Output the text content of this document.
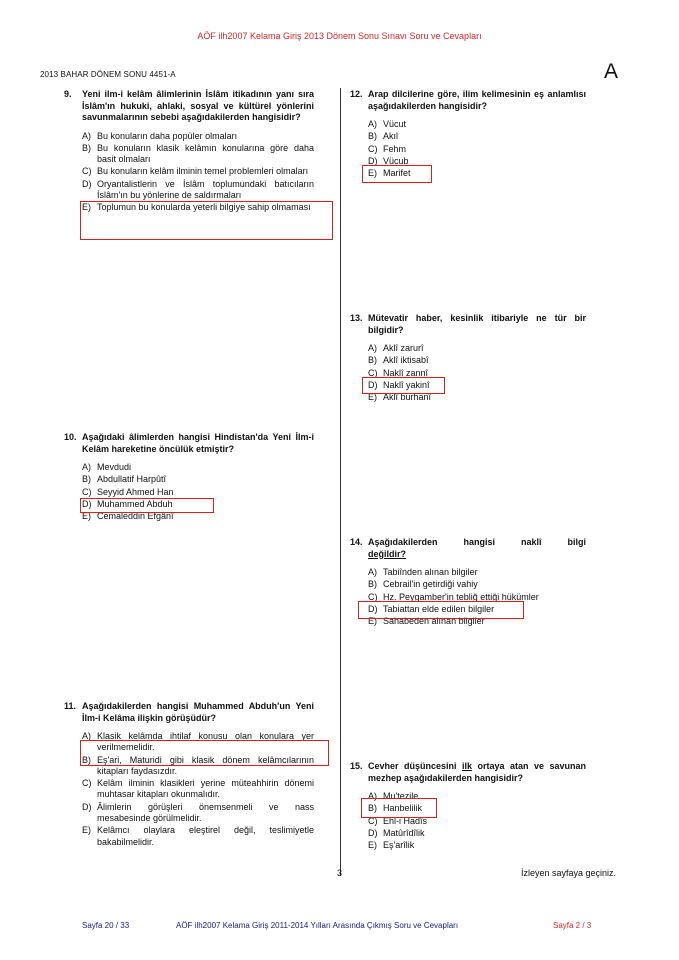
AÖF ilh2007 Kelama Giriş 2013 Dönem Sonu Sınavı Soru ve Cevapları
2013 BAHAR DÖNEM SONU 4451-A	A
9.	Yeni ilm-i kelâm âlimlerinin İslâm itikadının yanı sıra İslâm'ın hukuki, ahlaki, sosyal ve kültürel yönlerini savunmalarının sebebi aşağıdakilerden hangisidir?
A) Bu konuların daha popüler olmaları
B) Bu konuların klasik kelâmın konularına göre daha basit olmaları
C) Bu konuların kelâm ilminin temel problemleri olmaları
D) Oryantalistlerin ve İslâm toplumundaki batıcıların İslâm'ın bu yönlerine de saldırmaları
E) Toplumun bu konularda yeterli bilgiye sahip olmaması
10. Aşağıdaki âlimlerden hangisi Hindistan'da Yeni İlm-i Kelâm hareketine öncülük etmiştir?
A) Mevdudi
B) Abdullatif Harpûtî
C) Seyyid Ahmed Han
D) Muhammed Abduh
E) Cemaleddin Efgânî
11. Aşağıdakilerden hangisi Muhammed Abduh'un Yeni İlm-i Kelâma ilişkin görüşüdür?
A) Klasik kelâmda ihtilaf konusu olan konulara yer verilmemelidir.
B) Eş'ari, Maturidi gibi klasik dönem kelâmcılarının kitapları faydasızdır.
C) Kelâm ilminin klasikleri yerine müteahhirin dönemi muhtasar kitapları okunmalıdır.
D) Âlimlerin görüşleri önemsenmeli ve nass mesabesinde görülmelidir.
E) Kelâmcı olaylara eleştirel değil, teslimiyetle bakabilmelidir.
12. Arap dilcilerine göre, ilim kelimesinin eş anlamlısı aşağıdakilerden hangisidir?
A) Vücut
B) Akıl
C) Fehm
D) Vücub
E) Marifet
13. Mütevatir haber, kesinlik itibariyle ne tür bir bilgidir?
A) Aklî zarurî
B) Aklî iktisabî
C) Naklî zannî
D) Naklî yakinî
E) Aklî burhanî
14. Aşağıdakilerden hangisi naklî bilgi
değildir?
A) Tabiînden alınan bilgiler
B) Cebrail'in getirdiği vahiy
C) Hz. Peygamber'in tebliğ ettiği hükümler
D) Tabiattan elde edilen bilgiler
E) Sahabeden alınan bilgiler
15. Cevher düşüncesini ilk ortaya atan ve savunan mezhep aşağıdakilerden hangisidir?
A) Mu'tezile
B) Hanbelilik
C) Ehl-i Hadîs
D) Matûrîdîlik
E) Eş'arîlik
3	İzleyen sayfaya geçiniz.
Sayfa 20 / 33	AÖF ilh2007 Kelama Giriş 2011-2014 Yılları Arasında Çıkmış Soru ve Cevapları	Sayfa 2 / 3
